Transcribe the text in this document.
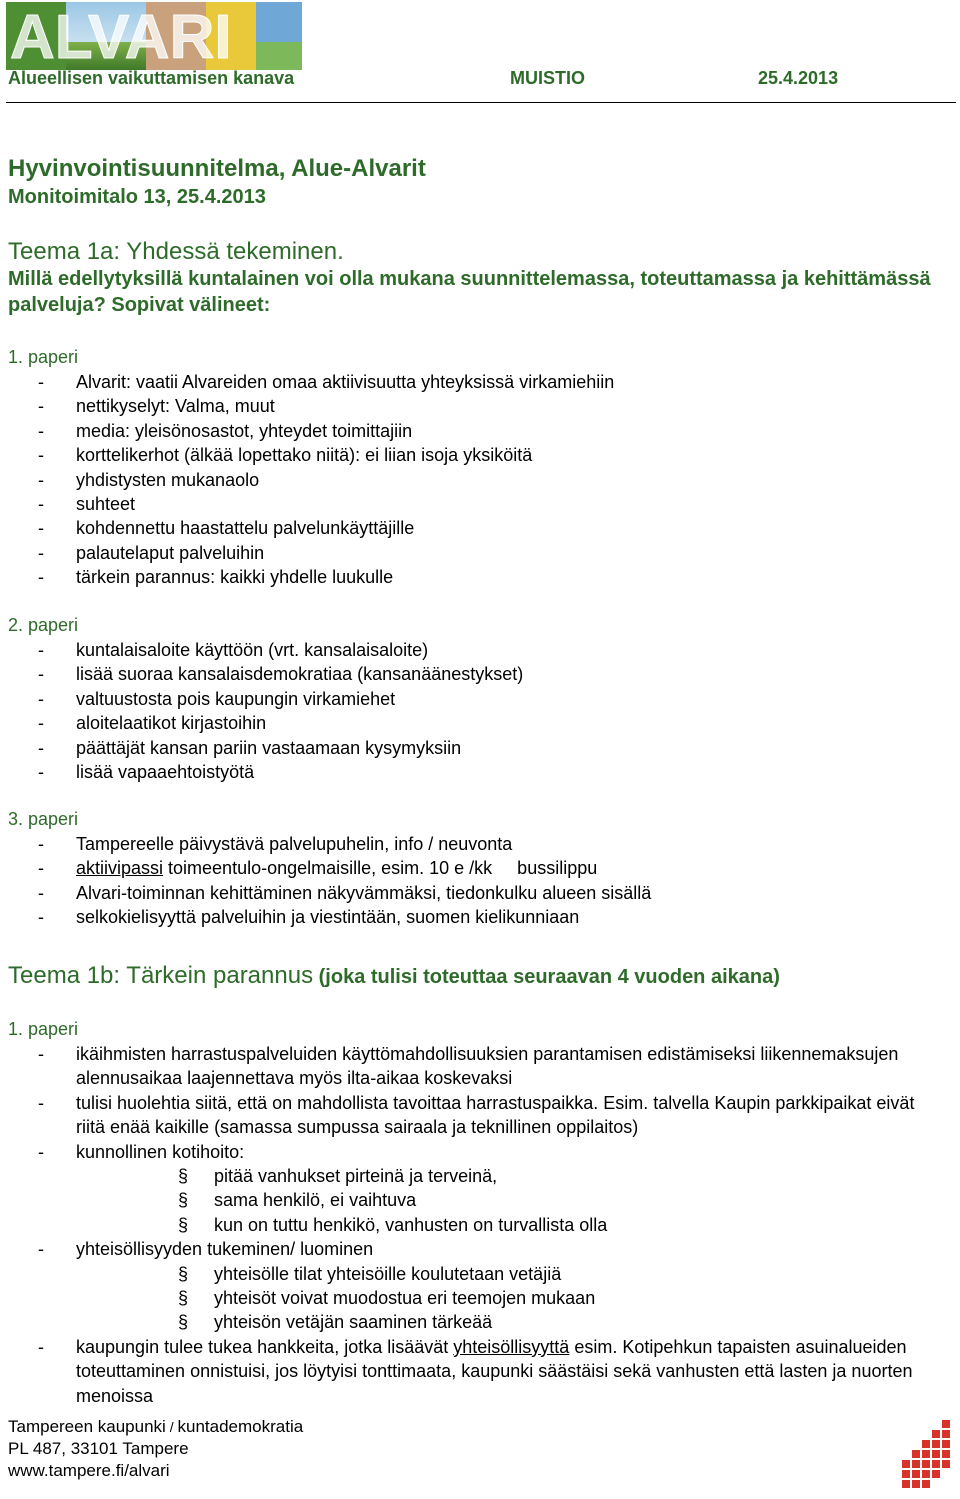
ALVARI
Alueellisen vaikuttamisen kanava	MUISTIO	25.4.2013
Hyvinvointisuunnitelma, Alue-Alvarit
Monitoimitalo 13, 25.4.2013
Teema 1a: Yhdessä tekeminen.
Millä edellytyksillä kuntalainen voi olla mukana suunnittelemassa, toteuttamassa ja kehittämässä palveluja? Sopivat välineet:
1. paperi
- Alvarit: vaatii Alvareiden omaa aktiivisuutta yhteyksissä virkamiehiin
- nettikyselyt: Valma, muut
- media: yleisönosastot, yhteydet toimittajiin
- korttelikerhot (älkää lopettako niitä): ei liian isoja yksiköitä
- yhdistysten mukanaolo
- suhteet
- kohdennettu haastattelu palvelunkäyttäjille
- palautelaput palveluihin
- tärkein parannus: kaikki yhdelle luukulle
2. paperi
- kuntalaisaloite käyttöön (vrt. kansalaisaloite)
- lisää suoraa kansalaisdemokratiaa (kansanäänestykset)
- valtuustosta pois kaupungin virkamiehet
- aloitelaatikot kirjastoihin
- päättäjät kansan pariin vastaamaan kysymyksiin
- lisää vapaaehtoistyötä
3. paperi
- Tampereelle päivystävä palvelupuhelin, info / neuvonta
- aktiivipassi toimeentulo-ongelmaisille, esim. 10 e /kk     bussilippu
- Alvari-toiminnan kehittäminen näkyvämmäksi, tiedonkulku alueen sisällä
- selkokielisyyttä palveluihin ja viestintään, suomen kielikunniaan
Teema 1b: Tärkein parannus (joka tulisi toteuttaa seuraavan 4 vuoden aikana)
1. paperi
- ikäihmisten harrastuspalveluiden käyttömahdollisuuksien parantamisen edistämiseksi liikennemaksujen alennusaikaa laajennettava myös ilta-aikaa koskevaksi
- tulisi huolehtia siitä, että on mahdollista tavoittaa harrastuspaikka. Esim. talvella Kaupin parkkipaikat eivät riitä enää kaikille (samassa sumpussa sairaala ja teknillinen oppilaitos)
- kunnollinen kotihoito:
§ pitää vanhukset pirteinä ja terveinä,
§ sama henkilö, ei vaihtuva
§ kun on tuttu henkikö, vanhusten on turvallista olla
- yhteisöllisyyden tukeminen/ luominen
§ yhteisölle tilat yhteisöille koulutetaan vetäjiä
§ yhteisöt voivat muodostua eri teemojen mukaan
§ yhteisön vetäjän saaminen tärkeää
- kaupungin tulee tukea hankkeita, jotka lisäävät yhteisöllisyyttä esim. Kotipehkun tapaisten asuinalueiden toteuttaminen onnistuisi, jos löytyisi tonttimaata, kaupunki säästäisi sekä vanhusten että lasten ja nuorten menoissa
Tampereen kaupunki / kuntademokratia
PL 487, 33101 Tampere
www.tampere.fi/alvari
